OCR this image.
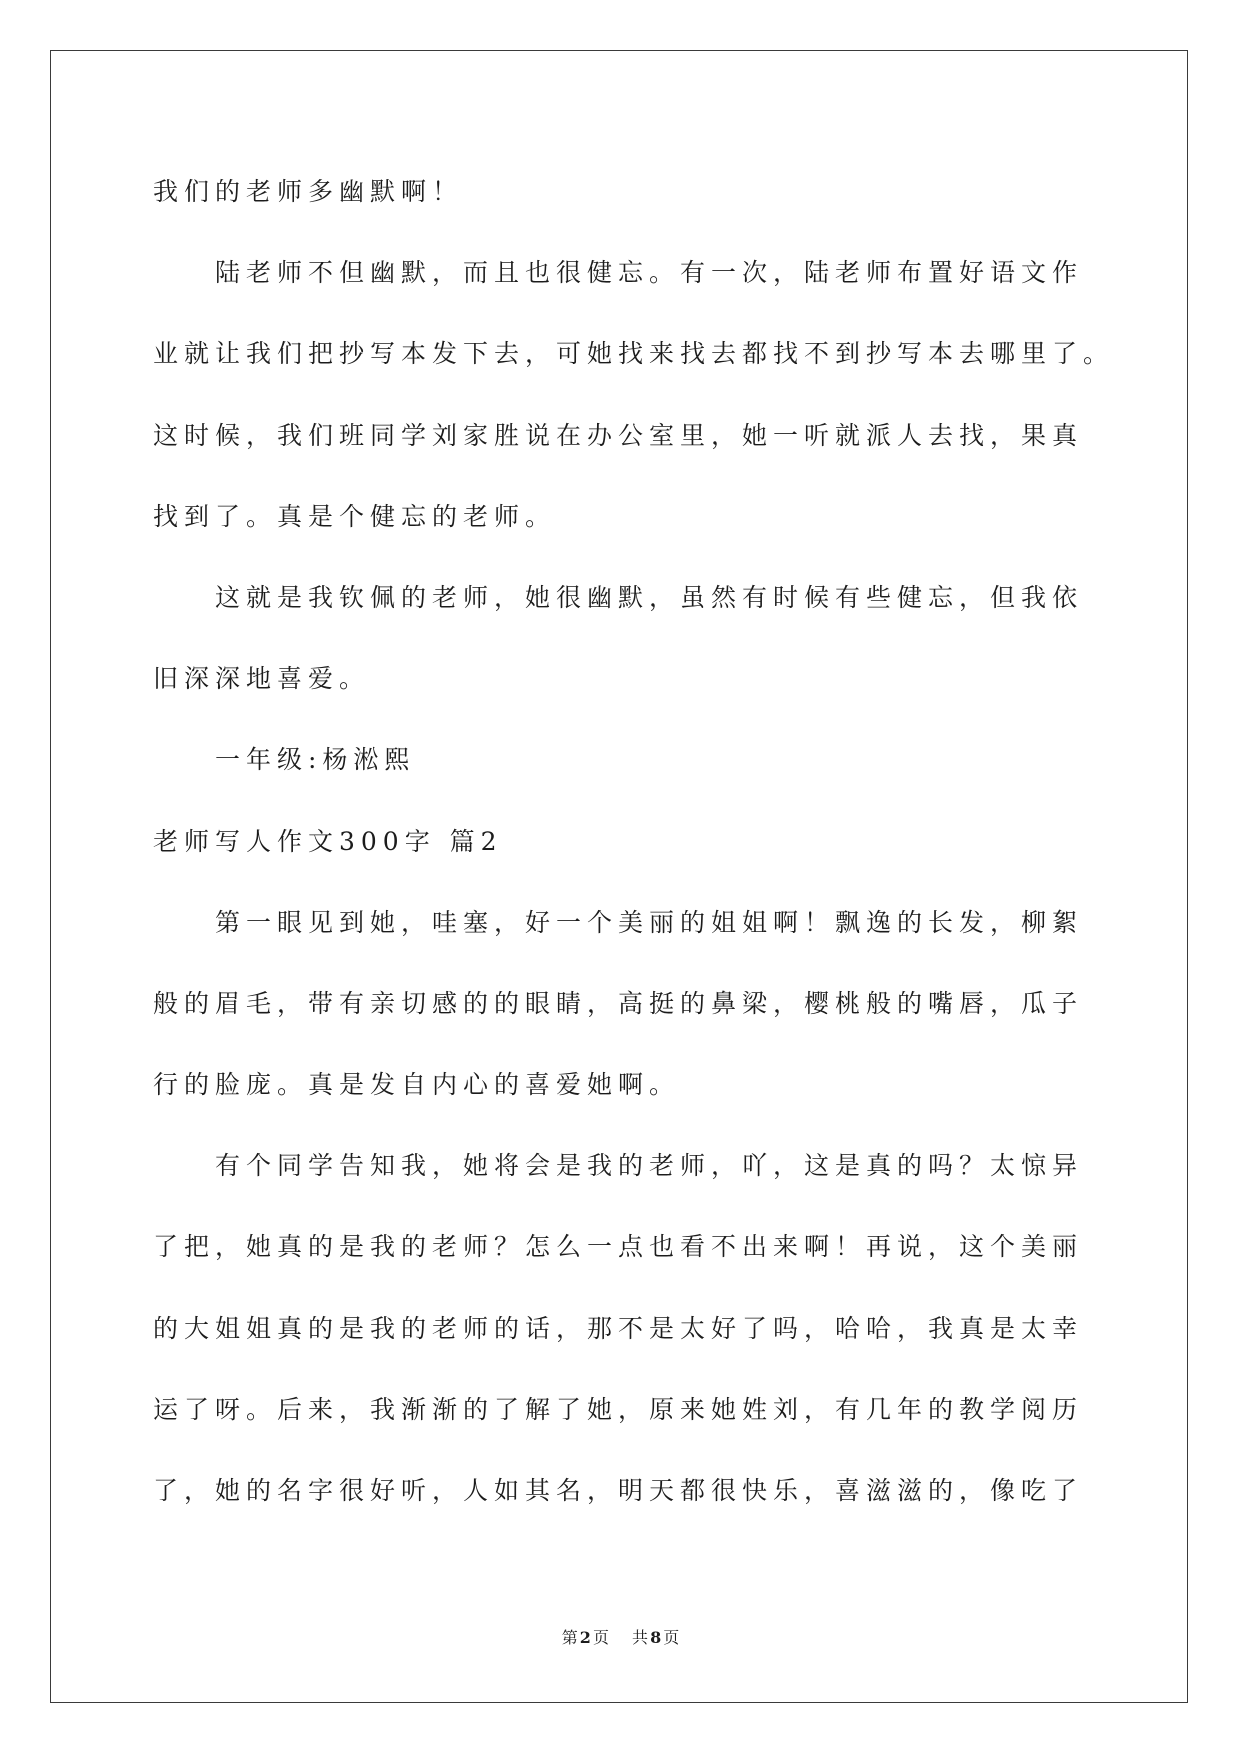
我们的老师多幽默啊！
陆老师不但幽默，而且也很健忘。有一次，陆老师布置好语文作
业就让我们把抄写本发下去，可她找来找去都找不到抄写本去哪里了。
这时候，我们班同学刘家胜说在办公室里，她一听就派人去找，果真
找到了。真是个健忘的老师。
这就是我钦佩的老师，她很幽默，虽然有时候有些健忘，但我依
旧深深地喜爱。
一年级:杨淞熙
老师写人作文300字 篇2
第一眼见到她，哇塞，好一个美丽的姐姐啊！飘逸的长发，柳絮
般的眉毛，带有亲切感的的眼睛，高挺的鼻梁，樱桃般的嘴唇，瓜子
行的脸庞。真是发自内心的喜爱她啊。
有个同学告知我，她将会是我的老师，吖，这是真的吗？太惊异
了把，她真的是我的老师？怎么一点也看不出来啊！再说，这个美丽
的大姐姐真的是我的老师的话，那不是太好了吗，哈哈，我真是太幸
运了呀。后来，我渐渐的了解了她，原来她姓刘，有几年的教学阅历
了，她的名字很好听，人如其名，明天都很快乐，喜滋滋的，像吃了
第 2 页 共 8 页
